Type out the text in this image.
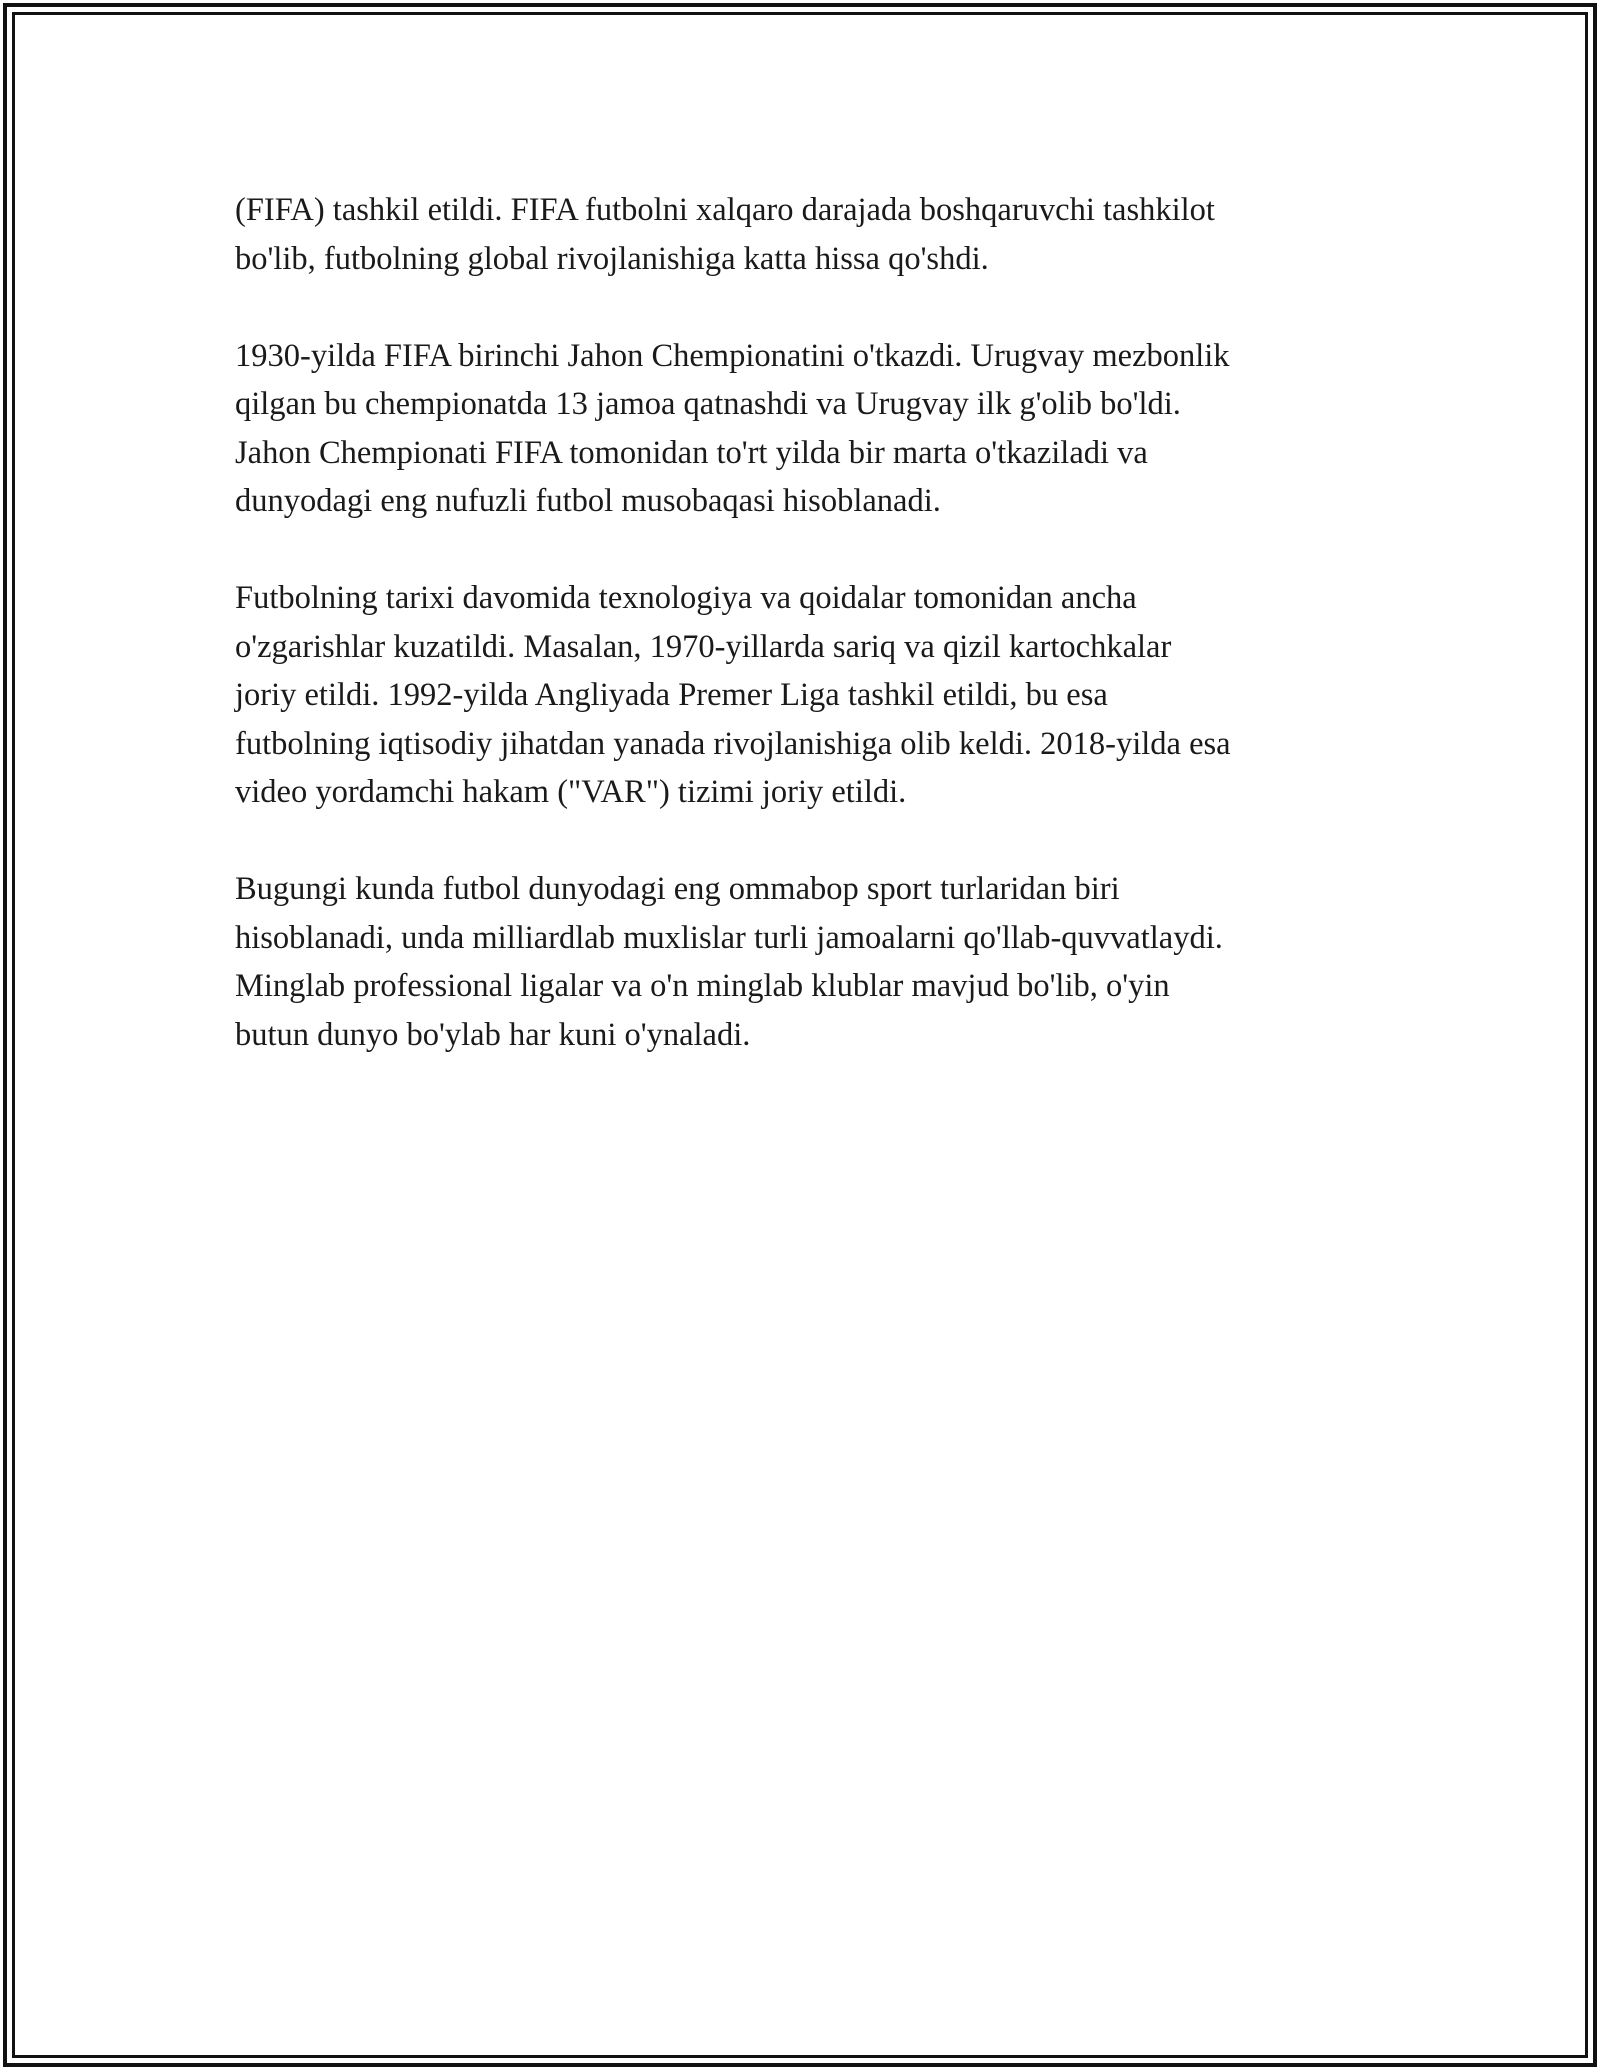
(FIFA) tashkil etildi. FIFA futbolni xalqaro darajada boshqaruvchi tashkilot
bo'lib, futbolning global rivojlanishiga katta hissa qo'shdi.

1930-yilda FIFA birinchi Jahon Chempionatini o'tkazdi. Urugvay mezbonlik
qilgan bu chempionatda 13 jamoa qatnashdi va Urugvay ilk g'olib bo'ldi.
Jahon Chempionati FIFA tomonidan to'rt yilda bir marta o'tkaziladi va
dunyodagi eng nufuzli futbol musobaqasi hisoblanadi.

Futbolning tarixi davomida texnologiya va qoidalar tomonidan ancha
o'zgarishlar kuzatildi. Masalan, 1970-yillarda sariq va qizil kartochkalar
joriy etildi. 1992-yilda Angliyada Premer Liga tashkil etildi, bu esa
futbolning iqtisodiy jihatdan yanada rivojlanishiga olib keldi. 2018-yilda esa
video yordamchi hakam ("VAR") tizimi joriy etildi.

Bugungi kunda futbol dunyodagi eng ommabop sport turlaridan biri
hisoblanadi, unda milliardlab muxlislar turli jamoalarni qo'llab-quvvatlaydi.
Minglab professional ligalar va o'n minglab klublar mavjud bo'lib, o'yin
butun dunyo bo'ylab har kuni o'ynaladi.
